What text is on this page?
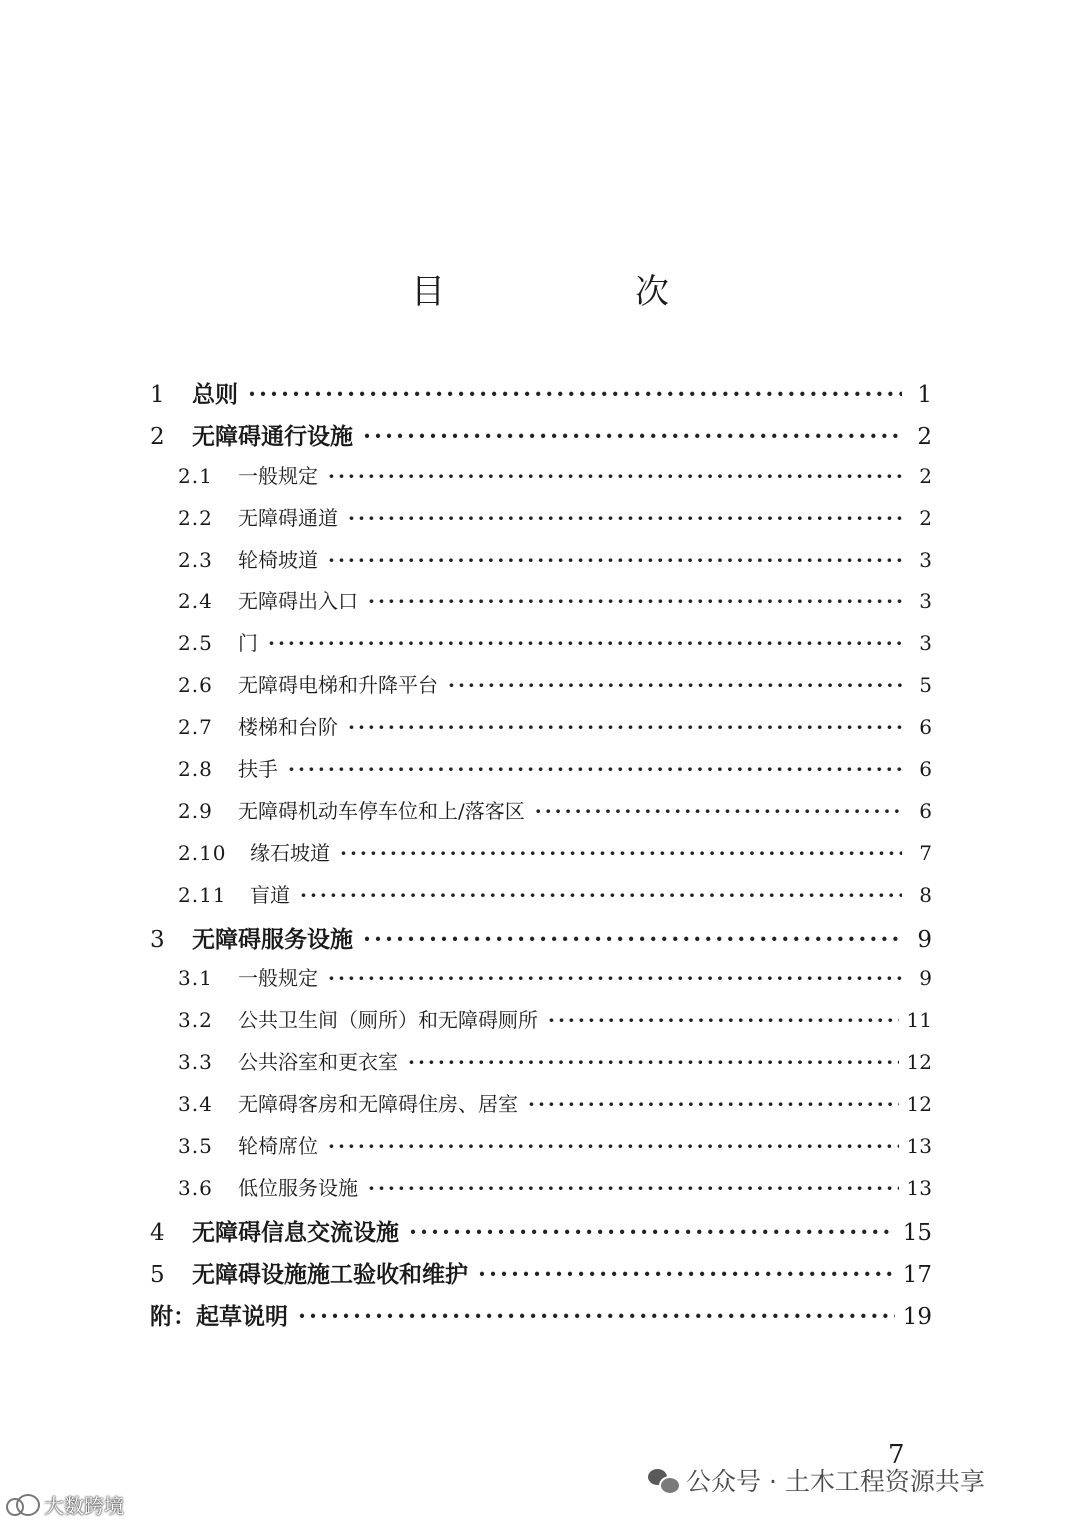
目　次
1	总则 ·····	1
2	无障碍通行设施 ·····	2
2.1	一般规定 ·····	2
2.2	无障碍通道 ·····	2
2.3	轮椅坡道 ·····	3
2.4	无障碍出入口 ·····	3
2.5	门 ·····	3
2.6	无障碍电梯和升降平台 ·····	5
2.7	楼梯和台阶 ·····	6
2.8	扶手 ·····	6
2.9	无障碍机动车停车位和上/落客区 ·····	6
2.10	缘石坡道 ·····	7
2.11	盲道 ·····	8
3	无障碍服务设施 ·····	9
3.1	一般规定 ·····	9
3.2	公共卫生间（厕所）和无障碍厕所 ·····	11
3.3	公共浴室和更衣室 ·····	12
3.4	无障碍客房和无障碍住房、居室 ·····	12
3.5	轮椅席位 ·····	13
3.6	低位服务设施 ·····	13
4	无障碍信息交流设施 ·····	15
5	无障碍设施施工验收和维护 ·····	17
附：起草说明 ·····	19
7
公众号 · 土木工程资源共享
大数跨境
